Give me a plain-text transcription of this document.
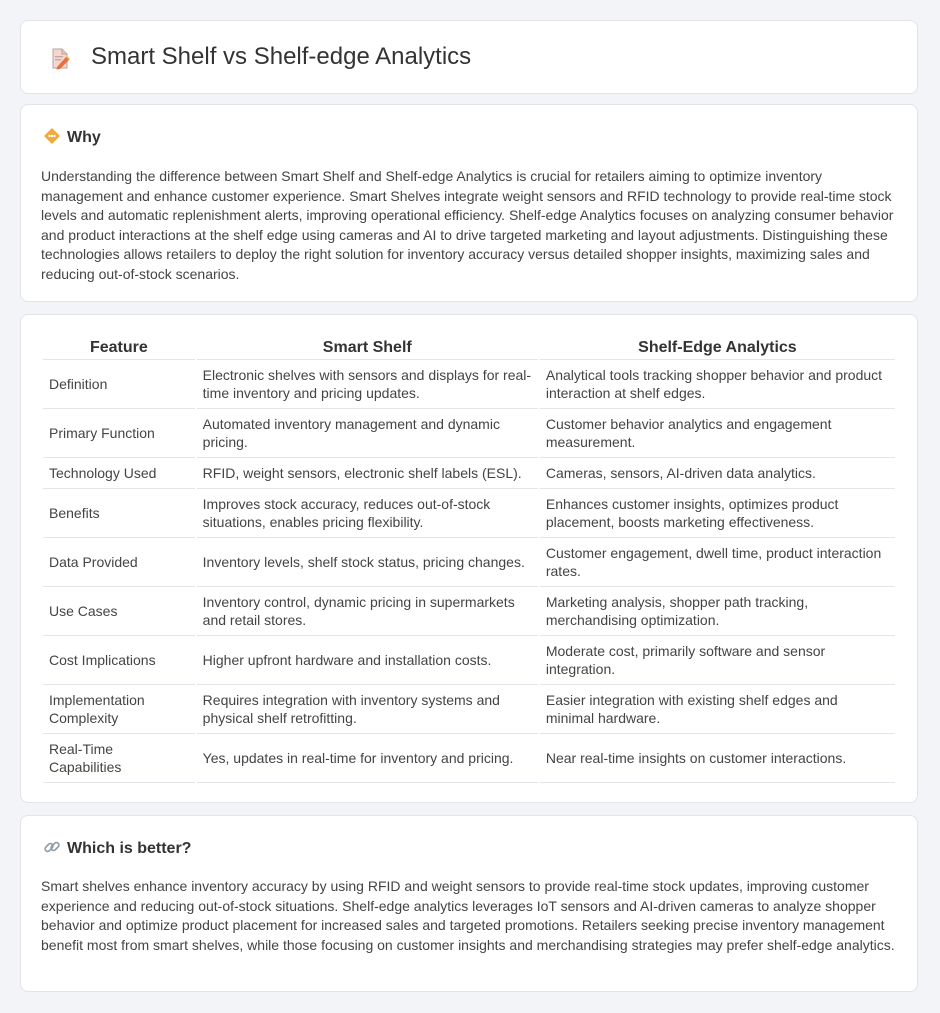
Smart Shelf vs Shelf-edge Analytics
Why

Understanding the difference between Smart Shelf and Shelf-edge Analytics is crucial for retailers aiming to optimize inventory management and enhance customer experience. Smart Shelves integrate weight sensors and RFID technology to provide real-time stock levels and automatic replenishment alerts, improving operational efficiency. Shelf-edge Analytics focuses on analyzing consumer behavior and product interactions at the shelf edge using cameras and AI to drive targeted marketing and layout adjustments. Distinguishing these technologies allows retailers to deploy the right solution for inventory accuracy versus detailed shopper insights, maximizing sales and reducing out-of-stock scenarios.

Feature	Smart Shelf	Shelf-Edge Analytics
Definition	Electronic shelves with sensors and displays for real-time inventory and pricing updates.	Analytical tools tracking shopper behavior and product interaction at shelf edges.
Primary Function	Automated inventory management and dynamic pricing.	Customer behavior analytics and engagement measurement.
Technology Used	RFID, weight sensors, electronic shelf labels (ESL).	Cameras, sensors, AI-driven data analytics.
Benefits	Improves stock accuracy, reduces out-of-stock situations, enables pricing flexibility.	Enhances customer insights, optimizes product placement, boosts marketing effectiveness.
Data Provided	Inventory levels, shelf stock status, pricing changes.	Customer engagement, dwell time, product interaction rates.
Use Cases	Inventory control, dynamic pricing in supermarkets and retail stores.	Marketing analysis, shopper path tracking, merchandising optimization.
Cost Implications	Higher upfront hardware and installation costs.	Moderate cost, primarily software and sensor integration.
Implementation Complexity	Requires integration with inventory systems and physical shelf retrofitting.	Easier integration with existing shelf edges and minimal hardware.
Real-Time Capabilities	Yes, updates in real-time for inventory and pricing.	Near real-time insights on customer interactions.
Which is better?

Smart shelves enhance inventory accuracy by using RFID and weight sensors to provide real-time stock updates, improving customer experience and reducing out-of-stock situations. Shelf-edge analytics leverages IoT sensors and AI-driven cameras to analyze shopper behavior and optimize product placement for increased sales and targeted promotions. Retailers seeking precise inventory management benefit most from smart shelves, while those focusing on customer insights and merchandising strategies may prefer shelf-edge analytics.
